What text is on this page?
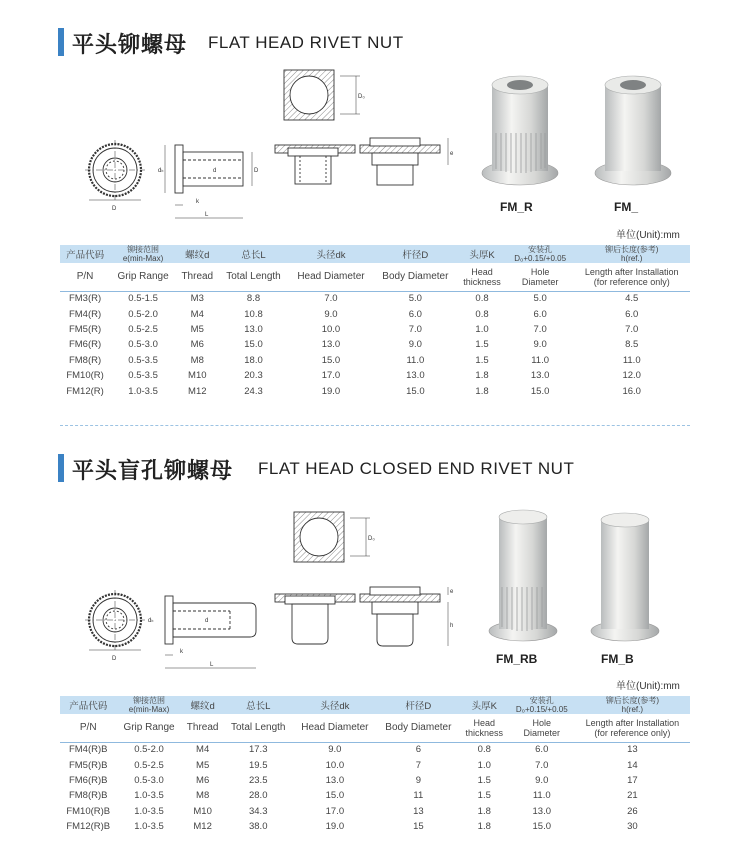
平头铆螺母 FLAT HEAD RIVET NUT
D
dₖ	d	D
k
L
D₀
e
FM_R	FM_
单位(Unit):mm
产品代码	铆接范围
e(min-Max)	螺纹d	总长L	头径dk	杆径D	头厚K	安装孔
D₀+0.15/+0.05	铆后长度(参考)
h(ref.)

P/N	Grip Range	Thread	Total Length	Head Diameter	Body Diameter	Head
thickness	Hole
Diameter	Length after Installation
(for reference only)

FM3(R)	0.5-1.5	M3	8.8	7.0	5.0	0.8	5.0	4.5
FM4(R)	0.5-2.0	M4	10.8	9.0	6.0	0.8	6.0	6.0
FM5(R)	0.5-2.5	M5	13.0	10.0	7.0	1.0	7.0	7.0
FM6(R)	0.5-3.0	M6	15.0	13.0	9.0	1.5	9.0	8.5
FM8(R)	0.5-3.5	M8	18.0	15.0	11.0	1.5	11.0	11.0
FM10(R)	0.5-3.5	M10	20.3	17.0	13.0	1.8	13.0	12.0
FM12(R)	1.0-3.5	M12	24.3	19.0	15.0	1.8	15.0	16.0
平头盲孔铆螺母 FLAT HEAD CLOSED END RIVET NUT
D
dₖ	d
k
L
D₀
h
e
FM_RB	FM_B
单位(Unit):mm
产品代码	铆接范围
e(min-Max)	螺纹d	总长L	头径dk	杆径D	头厚K	安装孔
D₀+0.15/+0.05	铆后长度(参考)
h(ref.)

P/N	Grip Range	Thread	Total Length	Head Diameter	Body Diameter	Head
thickness	Hole
Diameter	Length after Installation
(for reference only)

FM4(R)B	0.5-2.0	M4	17.3	9.0	6	0.8	6.0	13
FM5(R)B	0.5-2.5	M5	19.5	10.0	7	1.0	7.0	14
FM6(R)B	0.5-3.0	M6	23.5	13.0	9	1.5	9.0	17
FM8(R)B	1.0-3.5	M8	28.0	15.0	11	1.5	11.0	21
FM10(R)B	1.0-3.5	M10	34.3	17.0	13	1.8	13.0	26
FM12(R)B	1.0-3.5	M12	38.0	19.0	15	1.8	15.0	30
